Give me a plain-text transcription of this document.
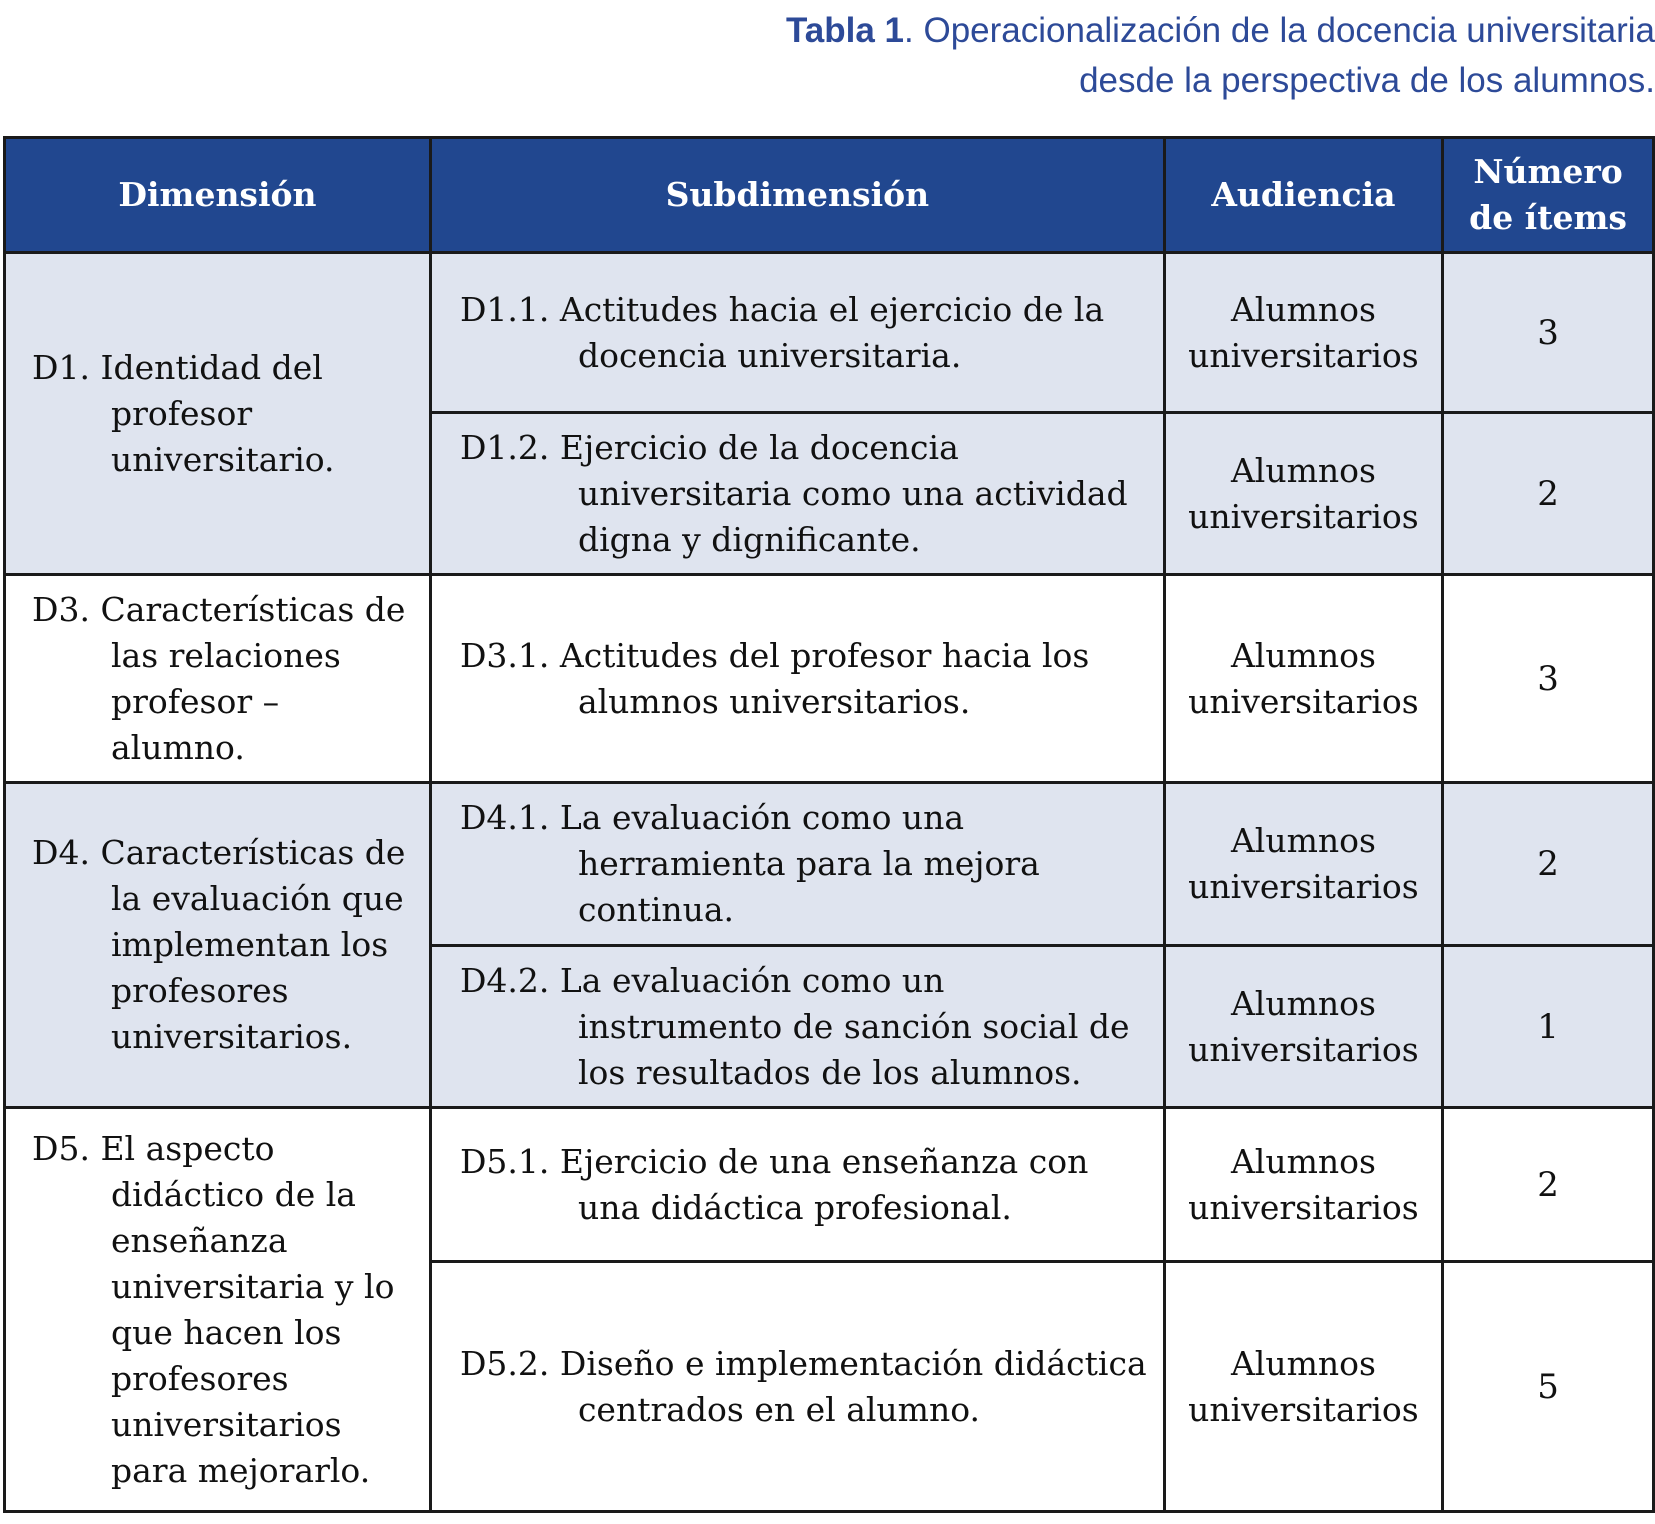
Tabla 1. Operacionalización de la docencia universitaria
desde la perspectiva de los alumnos.
Dimensión	Subdimensión	Audiencia	Número
de ítems

D1. Identidad del profesor universitario.	D1.1. Actitudes hacia el ejercicio de la docencia universitaria.	Alumnos
universitarios	3

	D1.2. Ejercicio de la docencia universitaria como una actividad digna y dignificante.	Alumnos
universitarios	2

D3. Características de las relaciones profesor – alumno.	D3.1. Actitudes del profesor hacia los alumnos universitarios.	Alumnos
universitarios	3

D4. Características de la evaluación que implementan los profesores universitarios.	D4.1. La evaluación como una herramienta para la mejora continua.	Alumnos
universitarios	2

	D4.2. La evaluación como un instrumento de sanción social de los resultados de los alumnos.	Alumnos
universitarios	1

D5. El aspecto didáctico de la enseñanza universitaria y lo que hacen los profesores universitarios para mejorarlo.	D5.1. Ejercicio de una enseñanza con una didáctica profesional.	Alumnos
universitarios	2

	D5.2. Diseño e implementación didáctica centrados en el alumno.	Alumnos
universitarios	5
